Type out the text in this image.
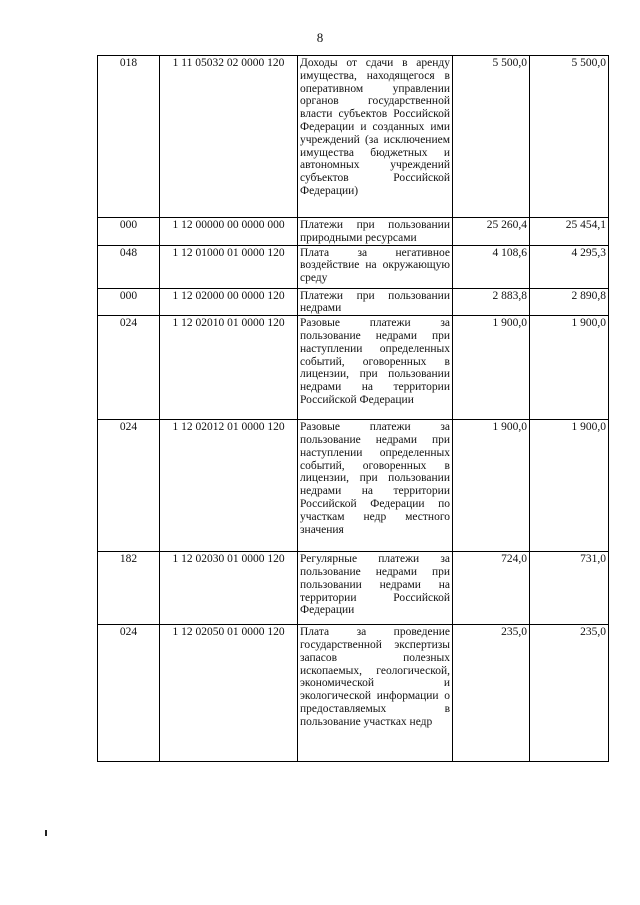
8
018	1 11 05032 02 0000 120	Доходы от сдачи в аренду имущества, находящегося в оперативном управлении органов государственной власти субъектов Российской Федерации и созданных ими учреждений (за исключением имущества бюджетных и автономных учреждений субъектов Российской Федерации)	5 500,0	5 500,0
000	1 12 00000 00 0000 000	Платежи при пользовании природными ресурсами	25 260,4	25 454,1
048	1 12 01000 01 0000 120	Плата за негативное воздействие на окружающую среду	4 108,6	4 295,3
000	1 12 02000 00 0000 120	Платежи при пользовании недрами	2 883,8	2 890,8
024	1 12 02010 01 0000 120	Разовые платежи за пользование недрами при наступлении определенных событий, оговоренных в лицензии, при пользовании недрами на территории Российской Федерации	1 900,0	1 900,0
024	1 12 02012 01 0000 120	Разовые платежи за пользование недрами при наступлении определенных событий, оговоренных в лицензии, при пользовании недрами на территории Российской Федерации по участкам недр местного значения	1 900,0	1 900,0
182	1 12 02030 01 0000 120	Регулярные платежи за пользование недрами при пользовании недрами на территории Российской Федерации	724,0	731,0
024	1 12 02050 01 0000 120	Плата за проведение государственной экспертизы запасов полезных ископаемых, геологической, экономической и экологической информации о предоставляемых в пользование участках недр	235,0	235,0
